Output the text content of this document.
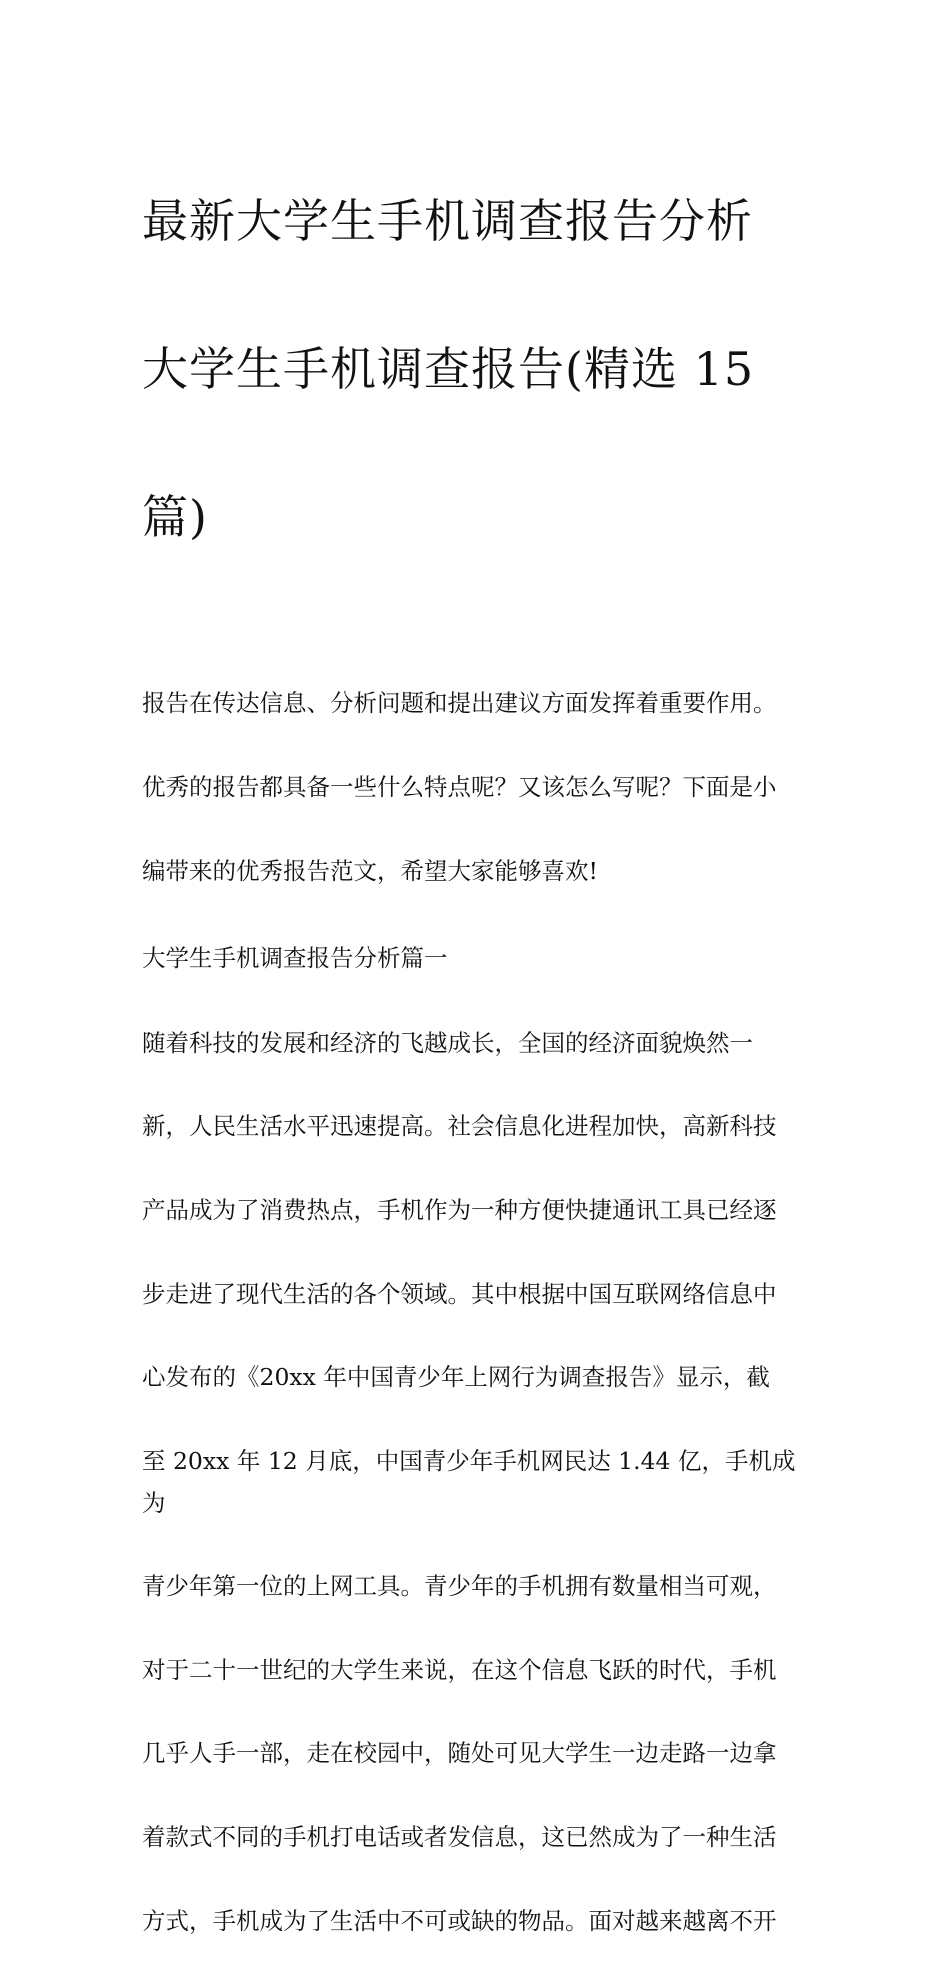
最新大学生手机调查报告分析

大学生手机调查报告(精选 15

篇)

报告在传达信息、分析问题和提出建议方面发挥着重要作用。

优秀的报告都具备一些什么特点呢？又该怎么写呢？下面是小

编带来的优秀报告范文，希望大家能够喜欢!

大学生手机调查报告分析篇一

随着科技的发展和经济的飞越成长，全国的经济面貌焕然一

新，人民生活水平迅速提高。社会信息化进程加快，高新科技

产品成为了消费热点，手机作为一种方便快捷通讯工具已经逐

步走进了现代生活的各个领域。其中根据中国互联网络信息中

心发布的《20xx 年中国青少年上网行为调查报告》显示，截

至 20xx 年 12 月底，中国青少年手机网民达 1.44 亿，手机成为

青少年第一位的上网工具。青少年的手机拥有数量相当可观，

对于二十一世纪的大学生来说，在这个信息飞跃的时代，手机

几乎人手一部，走在校园中，随处可见大学生一边走路一边拿

着款式不同的手机打电话或者发信息，这已然成为了一种生活

方式，手机成为了生活中不可或缺的物品。面对越来越离不开
